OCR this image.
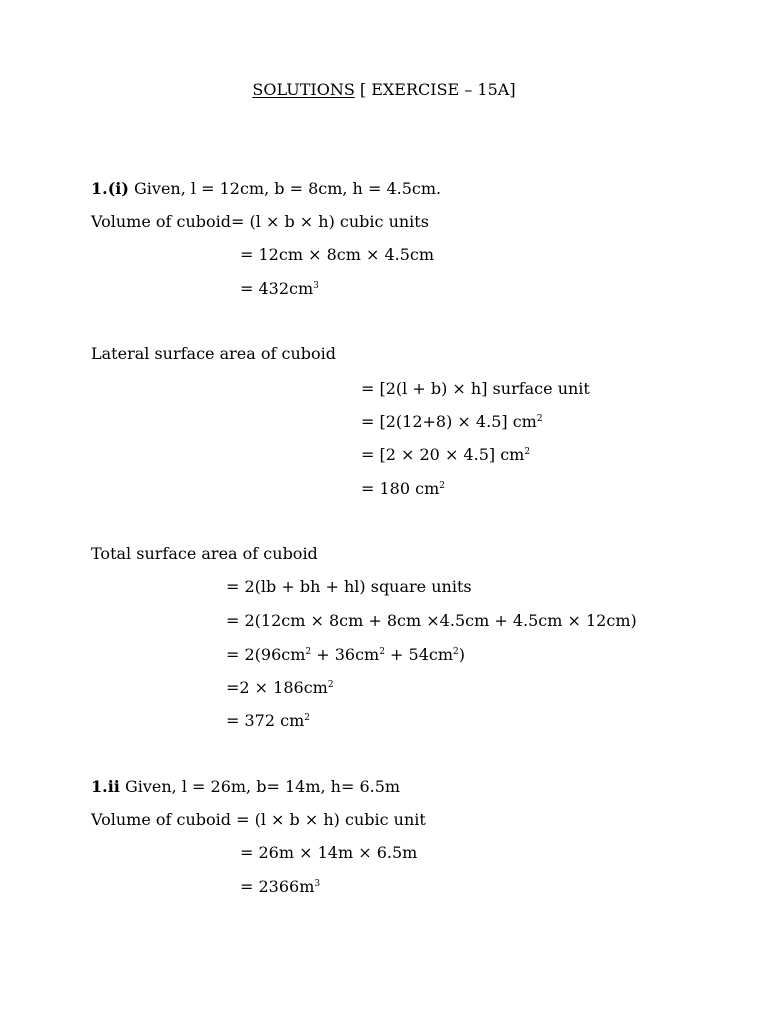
SOLUTIONS [ EXERCISE – 15A]
1.(i) Given, l = 12cm, b = 8cm, h = 4.5cm.
Volume of cuboid= (l × b × h) cubic units
= 12cm × 8cm × 4.5cm
= $432cm^3$
Lateral surface area of cuboid
= [2(l + b) × h] surface unit
= [2(12+8) × 4.5] $cm^2$
= [2 × 20 × 4.5] $cm^2$
= 180 $cm^2$
Total surface area of cuboid
= 2(lb + bh + hl) square units
= 2(12cm × 8cm + 8cm ×4.5cm + 4.5cm × 12cm)
= $2(96cm^2 + 36cm^2 + 54cm^2)$
$=2 \times 186cm^2$
= 372 $cm^2$
1.ii Given, l = 26m, b= 14m, h= 6.5m
Volume of cuboid = (l × b × h) cubic unit
= 26m × 14m × 6.5m
= $2366m^3$
